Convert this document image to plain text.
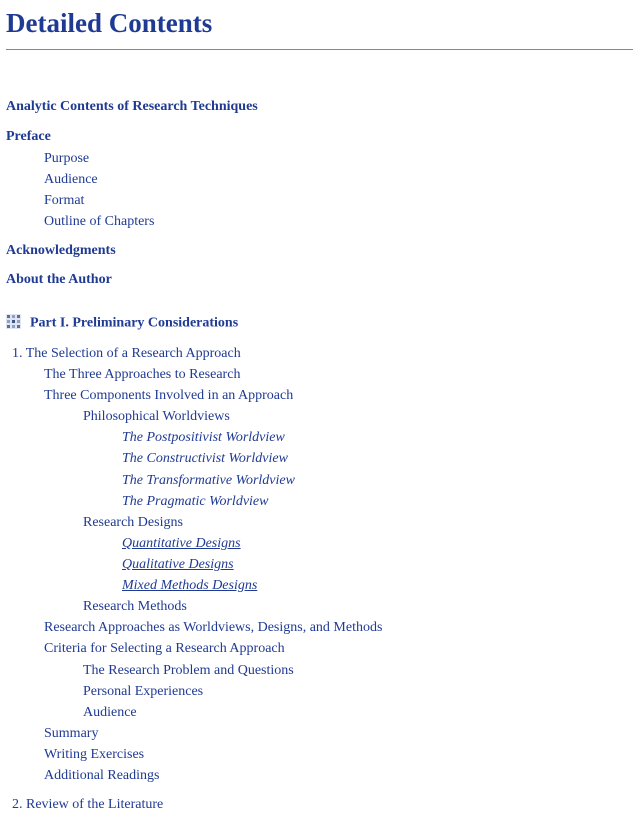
Detailed Contents
Analytic Contents of Research Techniques
Preface
Purpose
Audience
Format
Outline of Chapters
Acknowledgments
About the Author
Part I. Preliminary Considerations
1. The Selection of a Research Approach
The Three Approaches to Research
Three Components Involved in an Approach
Philosophical Worldviews
The Postpositivist Worldview
The Constructivist Worldview
The Transformative Worldview
The Pragmatic Worldview
Research Designs
Quantitative Designs
Qualitative Designs
Mixed Methods Designs
Research Methods
Research Approaches as Worldviews, Designs, and Methods
Criteria for Selecting a Research Approach
The Research Problem and Questions
Personal Experiences
Audience
Summary
Writing Exercises
Additional Readings
2. Review of the Literature
